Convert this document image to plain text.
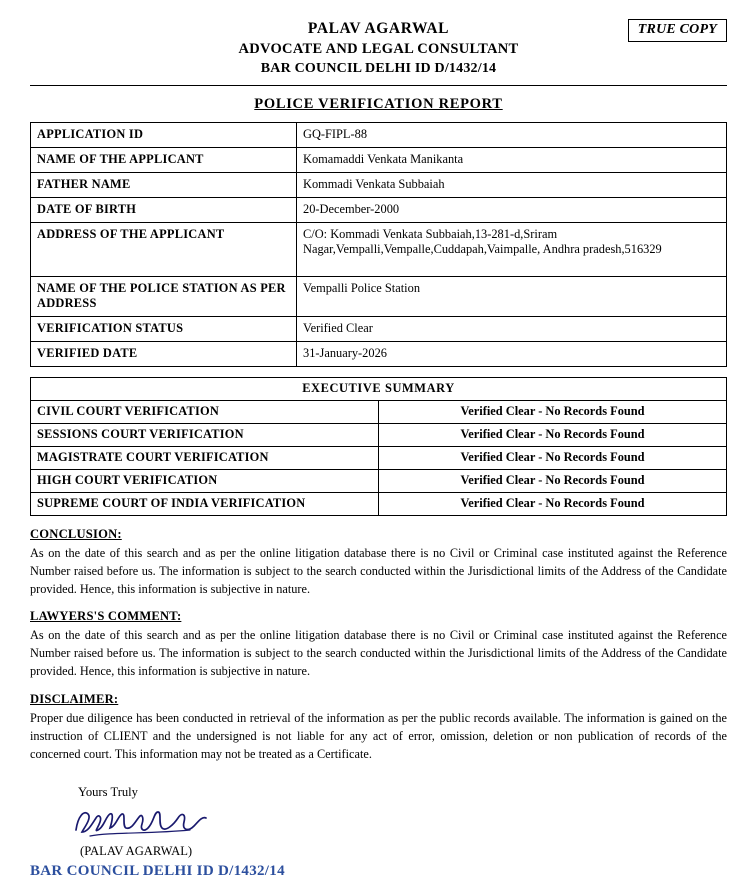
TRUE COPY
PALAV AGARWAL
ADVOCATE AND LEGAL CONSULTANT
BAR COUNCIL DELHI ID D/1432/14
POLICE VERIFICATION REPORT
APPLICATION ID	GQ-FIPL-88
NAME OF THE APPLICANT	Komamaddi Venkata Manikanta
FATHER NAME	Kommadi Venkata Subbaiah
DATE OF BIRTH	20-December-2000
ADDRESS OF THE APPLICANT	C/O: Kommadi Venkata Subbaiah,13-281-d,Sriram
Nagar,Vempalli,Vempalle,Cuddapah,Vaimpalle, Andhra pradesh,516329

NAME OF THE POLICE STATION AS PER ADDRESS	Vempalli Police Station
VERIFICATION STATUS	Verified Clear
VERIFIED DATE	31-January-2026
EXECUTIVE SUMMARY	
CIVIL COURT VERIFICATION	Verified Clear - No Records Found
SESSIONS COURT VERIFICATION	Verified Clear - No Records Found
MAGISTRATE COURT VERIFICATION	Verified Clear - No Records Found
HIGH COURT VERIFICATION	Verified Clear - No Records Found
SUPREME COURT OF INDIA VERIFICATION	Verified Clear - No Records Found
CONCLUSION:
As on the date of this search and as per the online litigation database there is no Civil or Criminal case instituted against the Reference Number raised before us. The information is subject to the search conducted within the Jurisdictional limits of the Address of the Candidate provided. Hence, this information is subjective in nature.
LAWYERS'S COMMENT:
As on the date of this search and as per the online litigation database there is no Civil or Criminal case instituted against the Reference Number raised before us. The information is subject to the search conducted within the Jurisdictional limits of the Address of the Candidate provided. Hence, this information is subjective in nature.
DISCLAIMER:
Proper due diligence has been conducted in retrieval of the information as per the public records available. The information is gained on the instruction of CLIENT and the undersigned is not liable for any act of error, omission, deletion or non publication of records of the concerned court. This information may not be treated as a Certificate.
Yours Truly
(PALAV AGARWAL)
BAR COUNCIL DELHI ID D/1432/14
